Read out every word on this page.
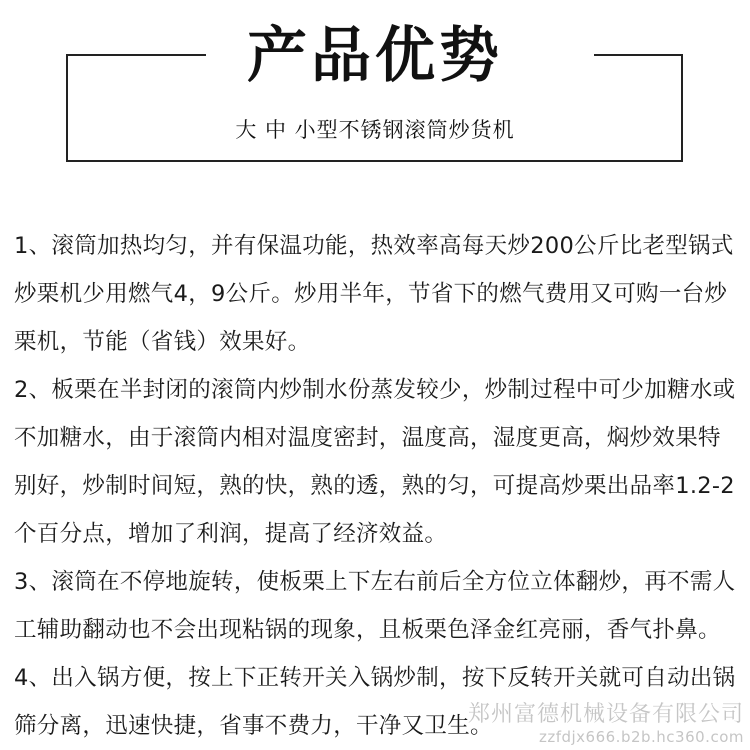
产品优势
大 中 小型不锈钢滚筒炒货机

1、滚筒加热均匀，并有保温功能，热效率高每天炒200公斤比老型锅式炒栗机少用燃气4，9公斤。炒用半年，节省下的燃气费用又可购一台炒栗机，节能（省钱）效果好。

2、板栗在半封闭的滚筒内炒制水份蒸发较少，炒制过程中可少加糖水或不加糖水，由于滚筒内相对温度密封，温度高，湿度更高，焖炒效果特别好，炒制时间短，熟的快，熟的透，熟的匀，可提高炒栗出品率1.2-2个百分点，增加了利润，提高了经济效益。

3、滚筒在不停地旋转，使板栗上下左右前后全方位立体翻炒，再不需人工辅助翻动也不会出现粘锅的现象，且板栗色泽金红亮丽，香气扑鼻。

4、出入锅方便，按上下正转开关入锅炒制，按下反转开关就可自动出锅筛分离，迅速快捷，省事不费力，干净又卫生。

郑州富德机械设备有限公司
zzfdjx666.b2b.hc360.com
